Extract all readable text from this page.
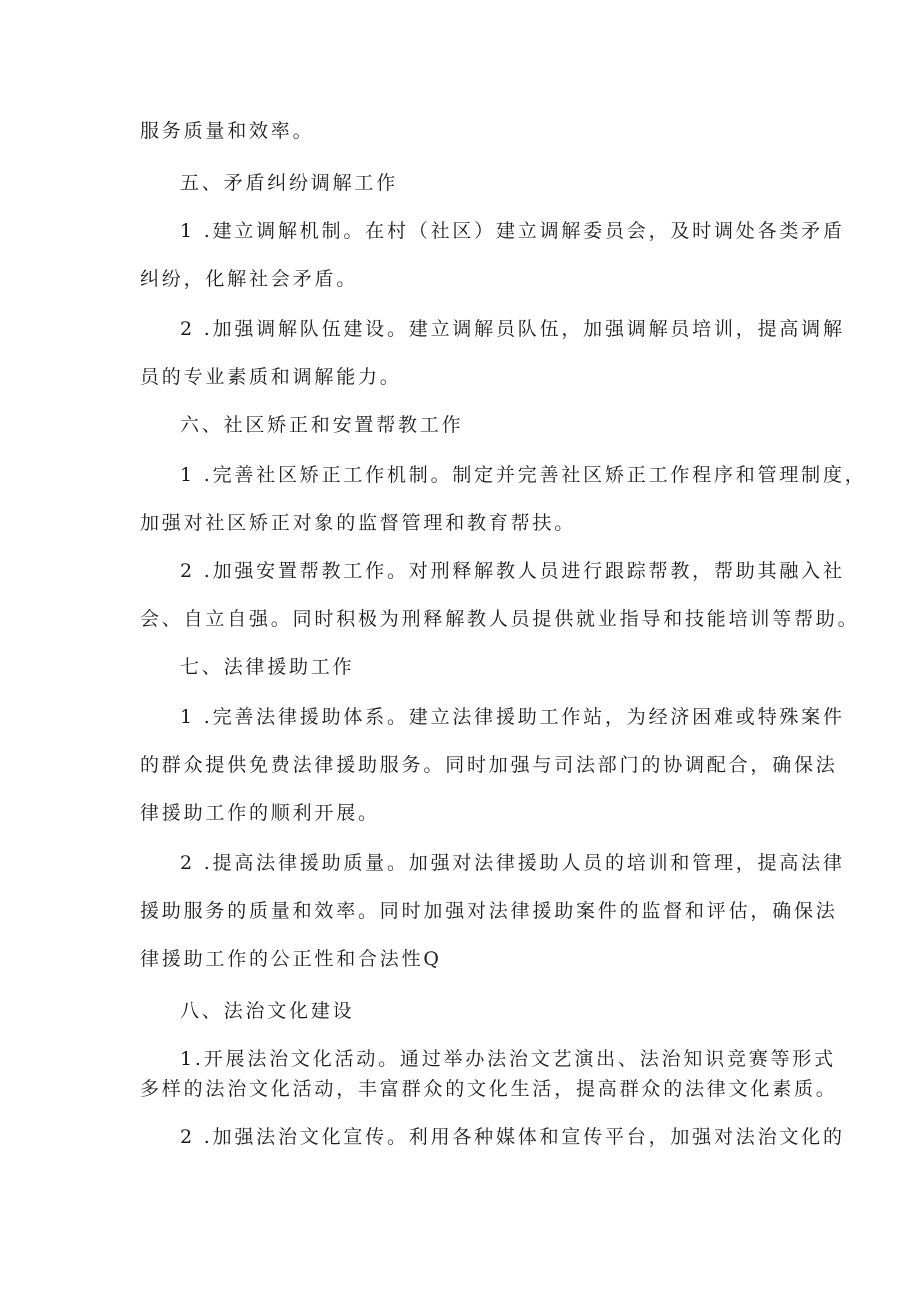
服务质量和效率。
五、矛盾纠纷调解工作
1 .建立调解机制。在村（社区）建立调解委员会，及时调处各类矛盾
纠纷，化解社会矛盾。
2 .加强调解队伍建设。建立调解员队伍，加强调解员培训，提高调解
员的专业素质和调解能力。
六、社区矫正和安置帮教工作
1 .完善社区矫正工作机制。制定并完善社区矫正工作程序和管理制度，
加强对社区矫正对象的监督管理和教育帮扶。
2 .加强安置帮教工作。对刑释解教人员进行跟踪帮教，帮助其融入社
会、自立自强。同时积极为刑释解教人员提供就业指导和技能培训等帮助。
七、法律援助工作
1 .完善法律援助体系。建立法律援助工作站，为经济困难或特殊案件
的群众提供免费法律援助服务。同时加强与司法部门的协调配合，确保法
律援助工作的顺利开展。
2 .提高法律援助质量。加强对法律援助人员的培训和管理，提高法律
援助服务的质量和效率。同时加强对法律援助案件的监督和评估，确保法
律援助工作的公正性和合法性Q
八、法治文化建设
1.开展法治文化活动。通过举办法治文艺演出、法治知识竞赛等形式
多样的法治文化活动，丰富群众的文化生活，提高群众的法律文化素质。
2 .加强法治文化宣传。利用各种媒体和宣传平台，加强对法治文化的
